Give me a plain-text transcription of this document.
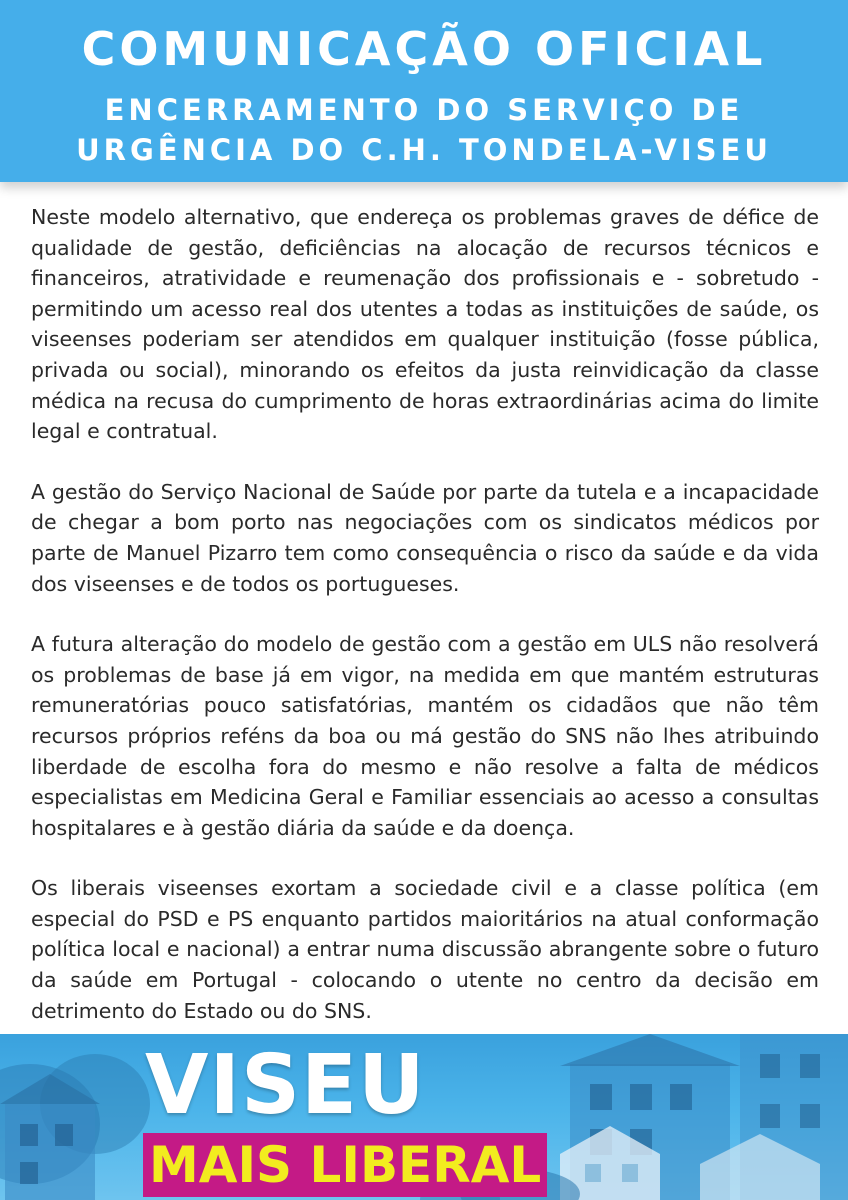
COMUNICAÇÃO OFICIAL
ENCERRAMENTO DO SERVIÇO DE
URGÊNCIA DO C.H. TONDELA-VISEU

Neste modelo alternativo, que endereça os problemas graves de défice de qualidade de gestão, deficiências na alocação de recursos técnicos e financeiros, atratividade e reumenação dos profissionais e - sobretudo - permitindo um acesso real dos utentes a todas as instituições de saúde, os viseenses poderiam ser atendidos em qualquer instituição (fosse pública, privada ou social), minorando os efeitos da justa reinvidicação da classe médica na recusa do cumprimento de horas extraordinárias acima do limite legal e contratual.

A gestão do Serviço Nacional de Saúde por parte da tutela e a incapacidade de chegar a bom porto nas negociações com os sindicatos médicos por parte de Manuel Pizarro tem como consequência o risco da saúde e da vida dos viseenses e de todos os portugueses.

A futura alteração do modelo de gestão com a gestão em ULS não resolverá os problemas de base já em vigor, na medida em que mantém estruturas remuneratórias pouco satisfatórias, mantém os cidadãos que não têm recursos próprios reféns da boa ou má gestão do SNS não lhes atribuindo liberdade de escolha fora do mesmo e não resolve a falta de médicos especialistas em Medicina Geral e Familiar essenciais ao acesso a consultas hospitalares e à gestão diária da saúde e da doença.

Os liberais viseenses exortam a sociedade civil e a classe política (em especial do PSD e PS enquanto partidos maioritários na atual conformação política local e nacional) a entrar numa discussão abrangente sobre o futuro da saúde em Portugal - colocando o utente no centro da decisão em detrimento do Estado ou do SNS.

VISEU
MAIS LIBERAL
